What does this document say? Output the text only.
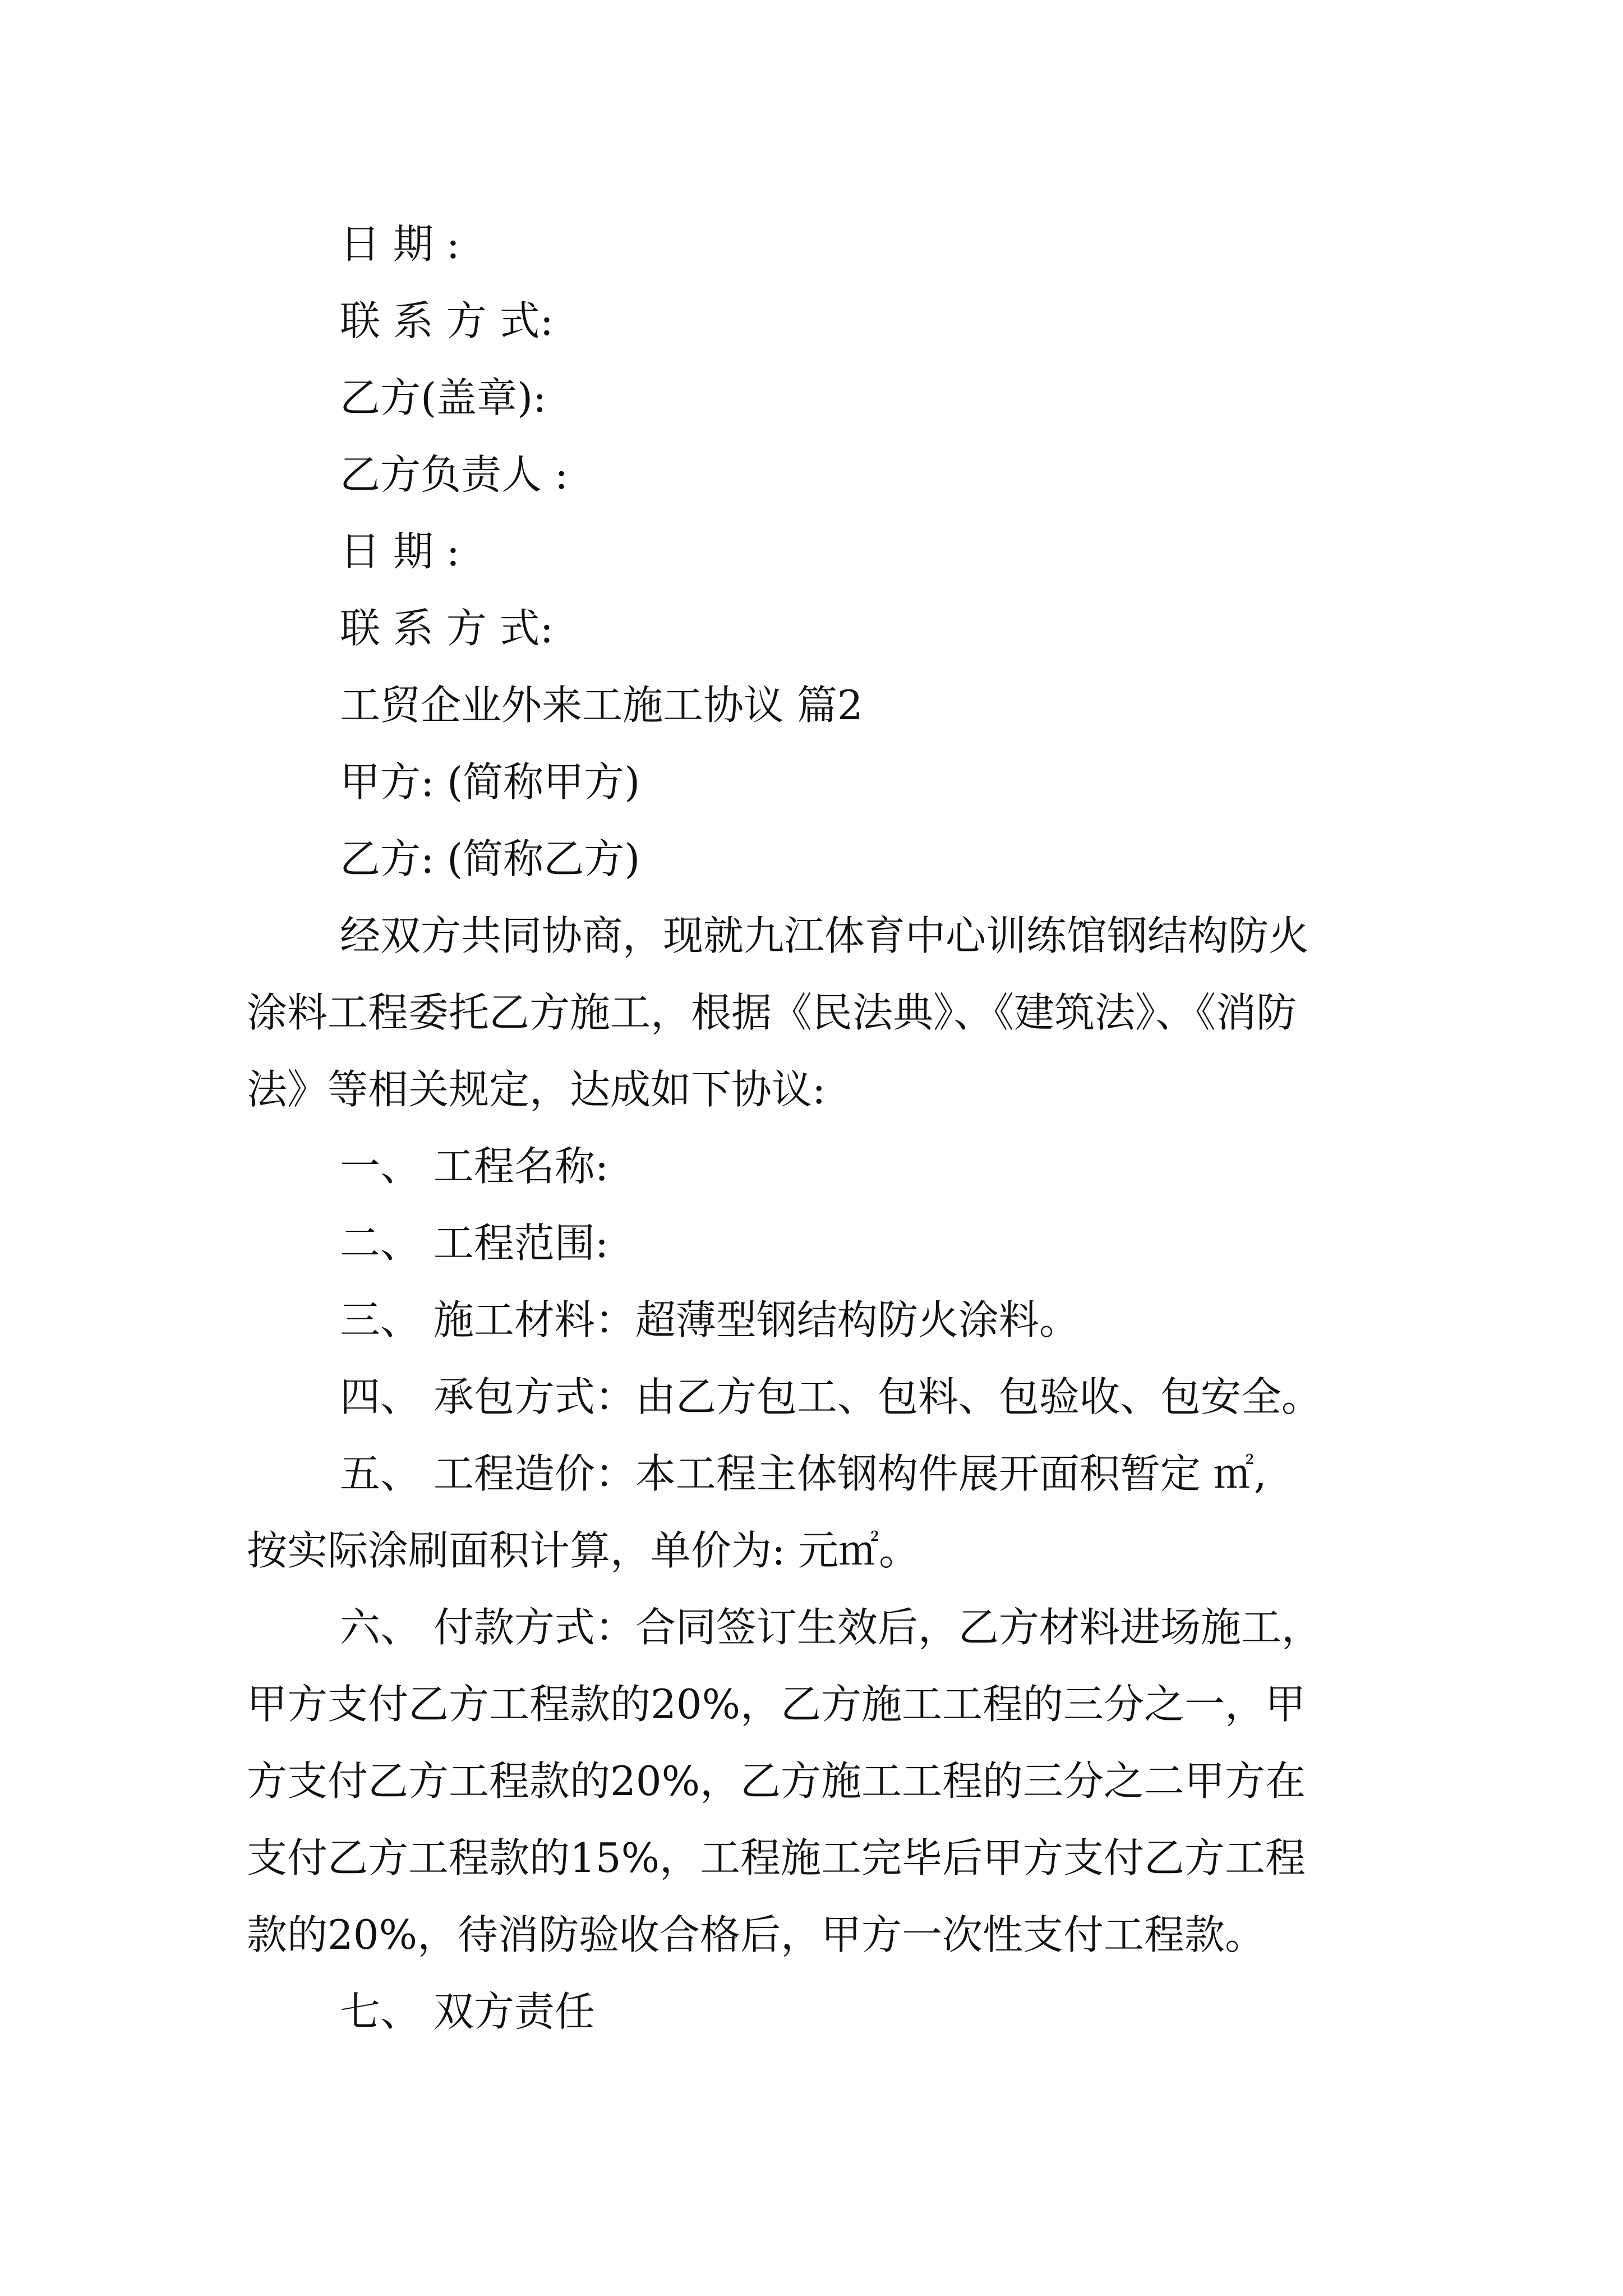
日 期 :
联 系 方 式:
乙方(盖章):
乙方负责人 :
日 期 :
联 系 方 式:
工贸企业外来工施工协议 篇2
甲方: (简称甲方)
乙方: (简称乙方)
经双方共同协商，现就九江体育中心训练馆钢结构防火
涂料工程委托乙方施工，根据《民法典》、《建筑法》、《消防
法》等相关规定，达成如下协议:
一、 工程名称:
二、 工程范围:
三、 施工材料：超薄型钢结构防火涂料。
四、 承包方式：由乙方包工、包料、包验收、包安全。
五、 工程造价：本工程主体钢构件展开面积暂定 ㎡,
按实际涂刷面积计算，单价为: 元㎡。
六、 付款方式：合同签订生效后，乙方材料进场施工，
甲方支付乙方工程款的20%，乙方施工工程的三分之一，甲
方支付乙方工程款的20%，乙方施工工程的三分之二甲方在
支付乙方工程款的15%，工程施工完毕后甲方支付乙方工程
款的20%，待消防验收合格后，甲方一次性支付工程款。
七、 双方责任
